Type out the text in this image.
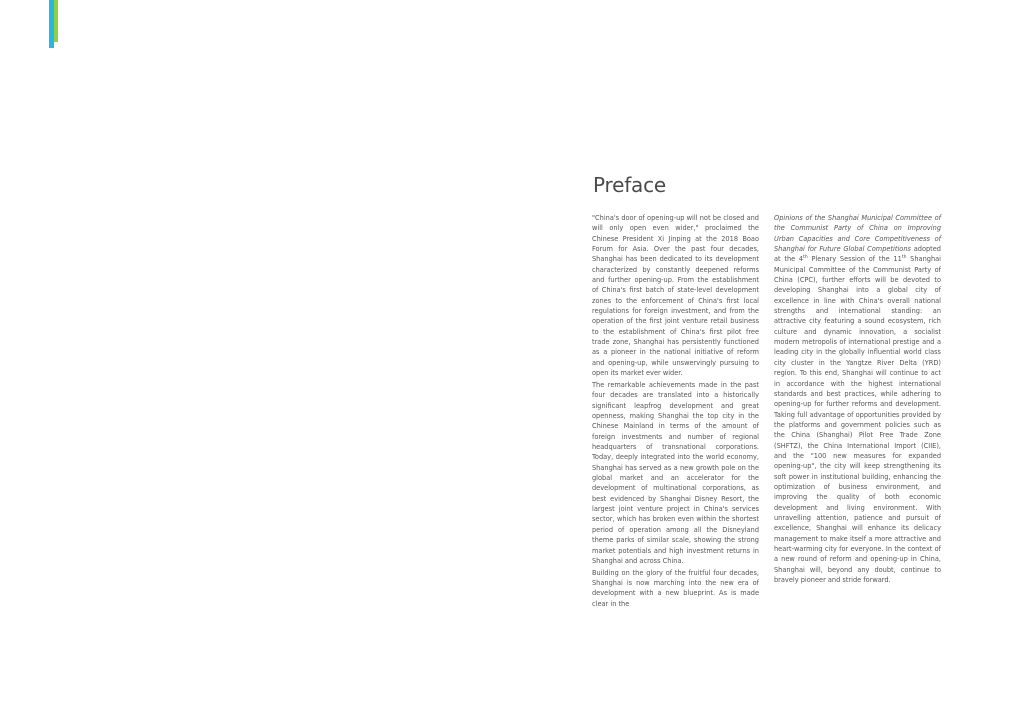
Preface

"China's door of opening-up will not be closed and will only open even wider," proclaimed the Chinese President Xi Jinping at the 2018 Boao Forum for Asia. Over the past four decades, Shanghai has been dedicated to its development characterized by constantly deepened reforms and further opening-up. From the establishment of China's first batch of state-level development zones to the enforcement of China's first local regulations for foreign investment, and from the operation of the first joint venture retail business to the establishment of China's first pilot free trade zone, Shanghai has persistently functioned as a pioneer in the national initiative of reform and opening-up, while unswervingly pursuing to open its market ever wider.

The remarkable achievements made in the past four decades are translated into a historically significant leapfrog development and great openness, making Shanghai the top city in the Chinese Mainland in terms of the amount of foreign investments and number of regional headquarters of transnational corporations. Today, deeply integrated into the world economy, Shanghai has served as a new growth pole on the global market and an accelerator for the development of multinational corporations, as best evidenced by Shanghai Disney Resort, the largest joint venture project in China's services sector, which has broken even within the shortest period of operation among all the Disneyland theme parks of similar scale, showing the strong market potentials and high investment returns in Shanghai and across China.

Building on the glory of the fruitful four decades, Shanghai is now marching into the new era of development with a new blueprint. As is made clear in the

Opinions of the Shanghai Municipal Committee of the Communist Party of China on Improving Urban Capacities and Core Competitiveness of Shanghai for Future Global Competitions adopted at the 4th Plenary Session of the 11th Shanghai Municipal Committee of the Communist Party of China (CPC), further efforts will be devoted to developing Shanghai into a global city of excellence in line with China's overall national strengths and international standing: an attractive city featuring a sound ecosystem, rich culture and dynamic innovation, a socialist modern metropolis of international prestige and a leading city in the globally influential world class city cluster in the Yangtze River Delta (YRD) region. To this end, Shanghai will continue to act in accordance with the highest international standards and best practices, while adhering to opening-up for further reforms and development. Taking full advantage of opportunities provided by the platforms and government policies such as the China (Shanghai) Pilot Free Trade Zone (SHFTZ), the China International Import (CIIE), and the "100 new measures for expanded opening-up", the city will keep strengthening its soft power in institutional building, enhancing the optimization of business environment, and improving the quality of both economic development and living environment. With unravelling attention, patience and pursuit of excellence, Shanghai will enhance its delicacy management to make itself a more attractive and heart-warming city for everyone. In the context of a new round of reform and opening-up in China, Shanghai will, beyond any doubt, continue to bravely pioneer and stride forward.
